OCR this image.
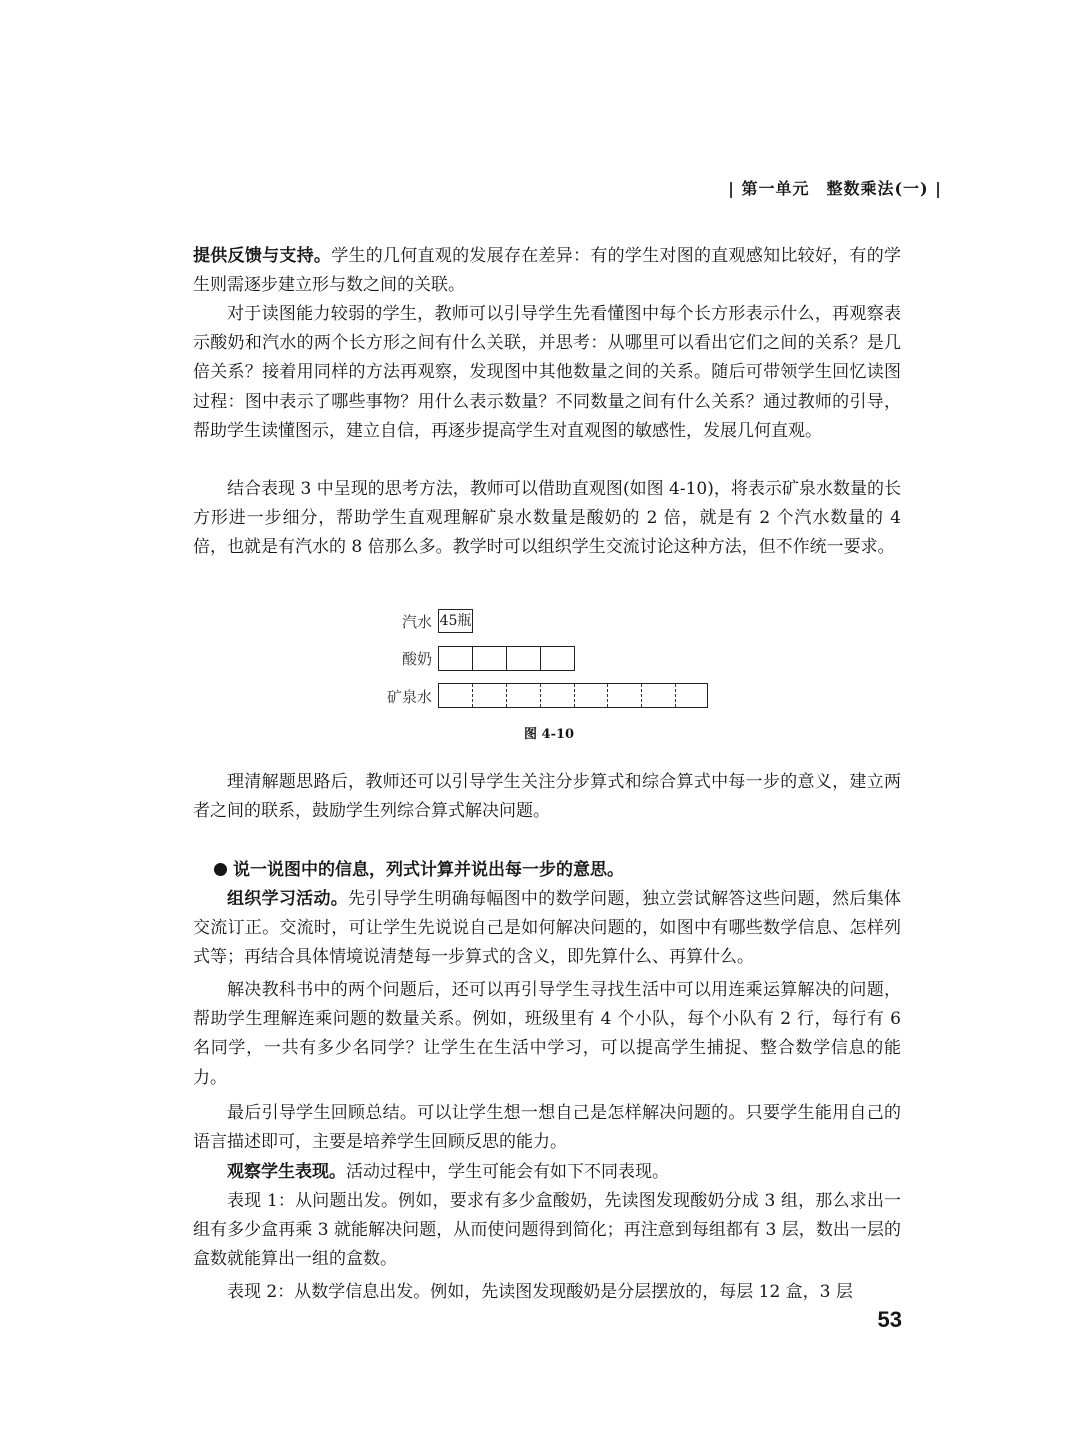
| 第一单元　整数乘法(一) |

提供反馈与支持。学生的几何直观的发展存在差异：有的学生对图的直观感知比较好，有的学生则需逐步建立形与数之间的关联。

对于读图能力较弱的学生，教师可以引导学生先看懂图中每个长方形表示什么，再观察表示酸奶和汽水的两个长方形之间有什么关联，并思考：从哪里可以看出它们之间的关系？是几倍关系？接着用同样的方法再观察，发现图中其他数量之间的关系。随后可带领学生回忆读图过程：图中表示了哪些事物？用什么表示数量？不同数量之间有什么关系？通过教师的引导，帮助学生读懂图示，建立自信，再逐步提高学生对直观图的敏感性，发展几何直观。

结合表现 3 中呈现的思考方法，教师可以借助直观图(如图 4-10)，将表示矿泉水数量的长方形进一步细分，帮助学生直观理解矿泉水数量是酸奶的 2 倍，就是有 2 个汽水数量的 4 倍，也就是有汽水的 8 倍那么多。教学时可以组织学生交流讨论这种方法，但不作统一要求。

汽水 45瓶
酸奶
矿泉水
图 4-10

理清解题思路后，教师还可以引导学生关注分步算式和综合算式中每一步的意义，建立两者之间的联系，鼓励学生列综合算式解决问题。

说一说图中的信息，列式计算并说出每一步的意思。

组织学习活动。先引导学生明确每幅图中的数学问题，独立尝试解答这些问题，然后集体交流订正。交流时，可让学生先说说自己是如何解决问题的，如图中有哪些数学信息、怎样列式等；再结合具体情境说清楚每一步算式的含义，即先算什么、再算什么。

解决教科书中的两个问题后，还可以再引导学生寻找生活中可以用连乘运算解决的问题，帮助学生理解连乘问题的数量关系。例如，班级里有 4 个小队，每个小队有 2 行，每行有 6 名同学，一共有多少名同学？让学生在生活中学习，可以提高学生捕捉、整合数学信息的能力。

最后引导学生回顾总结。可以让学生想一想自己是怎样解决问题的。只要学生能用自己的语言描述即可，主要是培养学生回顾反思的能力。

观察学生表现。活动过程中，学生可能会有如下不同表现。

表现 1：从问题出发。例如，要求有多少盒酸奶，先读图发现酸奶分成 3 组，那么求出一组有多少盒再乘 3 就能解决问题，从而使问题得到简化；再注意到每组都有 3 层，数出一层的盒数就能算出一组的盒数。

表现 2：从数学信息出发。例如，先读图发现酸奶是分层摆放的，每层 12 盒，3 层

53
